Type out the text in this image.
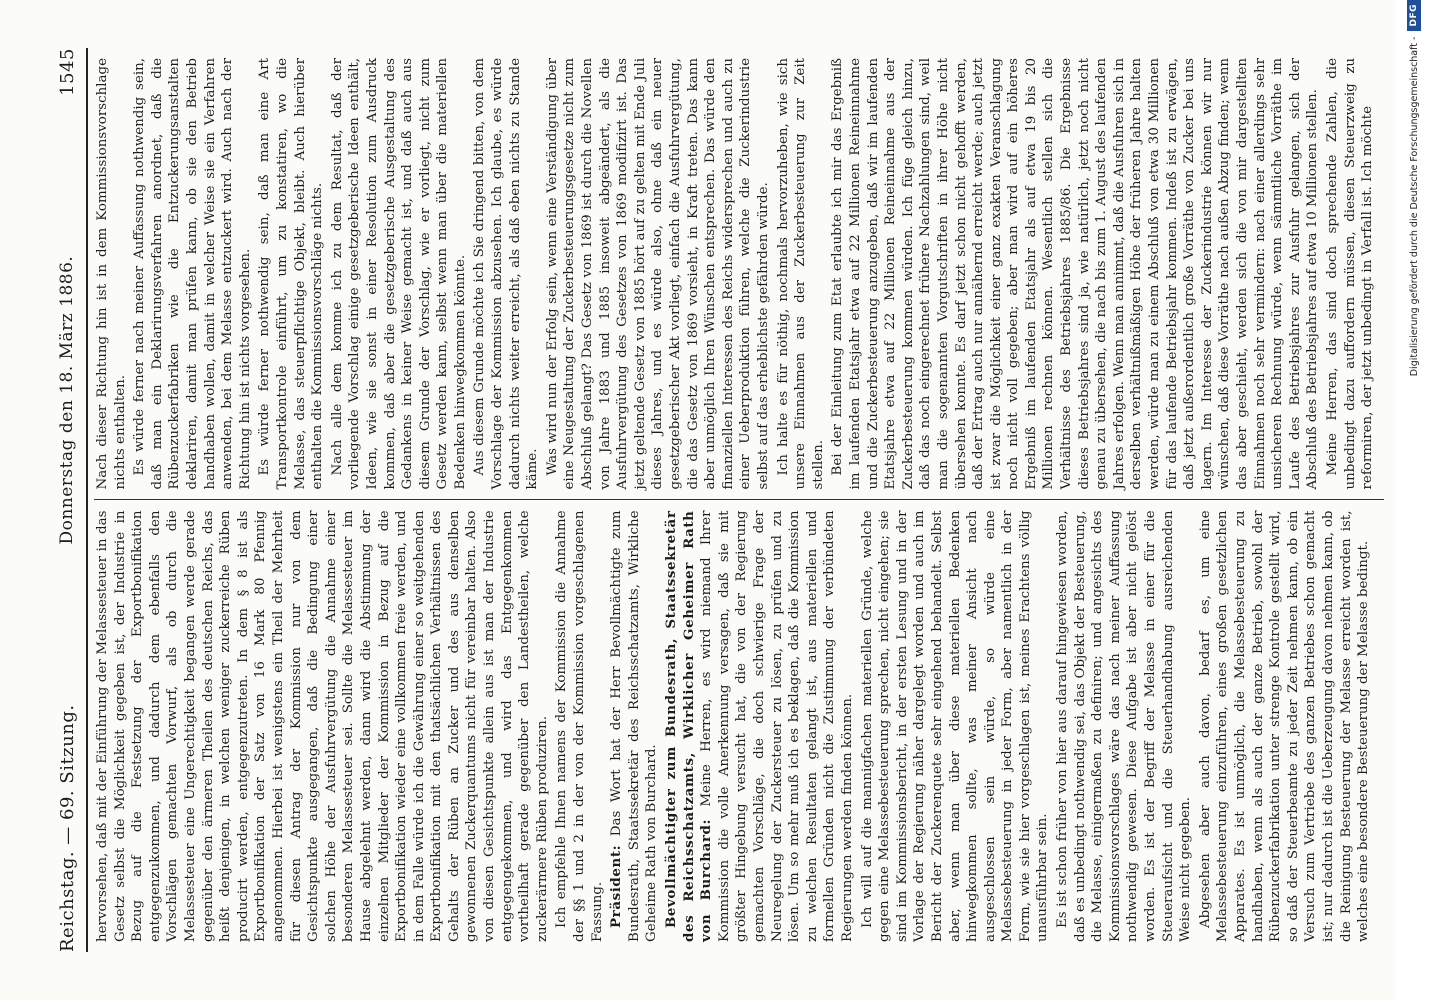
Reichstag. — 69. Sitzung.
Donnerstag den 18. März 1886.
1545

hervorsehen, daß mit der Einführung der Melassesteuer in das Gesetz selbst die Möglichkeit gegeben ist, der Industrie in Bezug auf die Festsetzung der Exportbonifikation entgegenzukommen, und dadurch dem ebenfalls den Vorschlägen gemachten Vorwurf, als ob durch die Melassesteuer eine Ungerechtigkeit begangen werde gerade gegenüber den ärmeren Theilen des deutschen Reichs, das heißt denjenigen, in welchen weniger zuckerreiche Rüben producirt werden, entgegenzutreten. In dem § 8 ist als Exportbonifikation der Satz von 16 Mark 80 Pfennig angenommen. Hierbei ist wenigstens ein Theil der Mehrheit für diesen Antrag der Kommission nur von dem Gesichtspunkte ausgegangen, daß die Bedingung einer solchen Höhe der Ausfuhrvergütung die Annahme einer besonderen Melassesteuer sei. Sollte die Melassesteuer im Hause abgelehnt werden, dann wird die Abstimmung der einzelnen Mitglieder der Kommission in Bezug auf die Exportbonifikation wieder eine vollkommen freie werden, und in dem Falle würde ich die Gewährung einer so weitgehenden Exportbonifikation mit den thatsächlichen Verhältnissen des Gehalts der Rüben an Zucker und des aus denselben gewonnenen Zuckerquantums nicht für vereinbar halten. Also von diesen Gesichtspunkte allein aus ist man der Industrie entgegengekommen, und wird das Entgegenkommen vortheilhaft gerade gegenüber den Landestheilen, welche zuckerärmere Rüben produziren. Ich empfehle Ihnen namens der Kommission die Annahme der §§ 1 und 2 in der von der Kommission vorgeschlagenen Fassung. Präsident: Das Wort hat der Herr Bevollmächtigte zum Bundesrath, Staatssekretär des Reichsschatzamts, Wirkliche Geheime Rath von Burchard. Bevollmächtigter zum Bundesrath, Staatssekretär des Reichsschatzamts, Wirklicher Geheimer Rath von Burchard: Meine Herren, es wird niemand Ihrer Kommission die volle Anerkennung versagen, daß sie mit größter Hingebung versucht hat, die von der Regierung gemachten Vorschläge, die doch schwierige Frage der Neuregelung der Zuckersteuer zu lösen, zu prüfen und zu lösen. Um so mehr muß ich es beklagen, daß die Kommission zu welchen Resultaten gelangt ist, aus materiellen und formellen Gründen nicht die Zustimmung der verbündeten Regierungen werden finden können. Ich will auf die mannigfachen materiellen Gründe, welche gegen eine Melassebesteuerung sprechen, nicht eingehen; sie sind im Kommissionsbericht, in der ersten Lesung und in der Vorlage der Regierung näher dargelegt worden und auch im Bericht der Zuckerenquete sehr eingehend behandelt. Selbst aber, wenn man über diese materiellen Bedenken hinwegkommen sollte, was meiner Ansicht nach ausgeschlossen sein würde, so würde eine Melassebesteuerung in jeder Form, aber namentlich in der Form, wie sie hier vorgeschlagen ist, meines Erachtens völlig unausführbar sein. Es ist schon früher von hier aus darauf hingewiesen worden, daß es unbedingt nothwendig sei, das Objekt der Besteuerung, die Melasse, einigermaßen zu definiren; und angesichts des Kommissionsvorschlages wäre das nach meiner Auffassung nothwendig gewesen. Diese Aufgabe ist aber nicht gelöst worden. Es ist der Begriff der Melasse in einer für die Steueraufsicht und die Steuerhandhabung ausreichenden Weise nicht gegeben. Abgesehen aber auch davon, bedarf es, um eine Melassebesteuerung einzuführen, eines großen gesetzlichen Apparates. Es ist unmöglich, die Melassebesteuerung zu handhaben, wenn als auch der ganze Betrieb, sowohl der Rübenzuckerfabrikation unter strenge Kontrole gestellt wird, so daß der Steuerbeamte zu jeder Zeit nehmen kann, ob ein Versuch zum Vertriebe des ganzen Betriebes schon gemacht ist; nur dadurch ist die Ueberzeugung davon nehmen kann, ob die Reinigung Besteuerung der Melasse erreicht worden ist, welches eine besondere Besteuerung der Melasse bedingt.

Nach dieser Richtung hin ist in dem Kommissionsvorschlage nichts enthalten. Es würde ferner nach meiner Auffassung nothwendig sein, daß man ein Deklarirungsverfahren anordnet, daß die Rübenzuckerfabriken wie die Entzuckerungsanstalten deklariren, damit man prüfen kann, ob sie den Betrieb handhaben wollen, damit in welcher Weise sie ein Verfahren anwenden, bei dem Melasse entzuckert wird. Auch nach der Richtung hin ist nichts vorgesehen. Es würde ferner nothwendig sein, daß man eine Art Transportkontrole einführt, um zu konstatiren, wo die Melasse, das steuerpflichtige Objekt, bleibt. Auch hierüber enthalten die Kommissionsvorschläge nichts. Nach alle dem komme ich zu dem Resultat, daß der vorliegende Vorschlag einige gesetzgeberische Ideen enthält, Ideen, wie sie sonst in einer Resolution zum Ausdruck kommen, daß aber die gesetzgeberische Ausgestaltung des Gedankens in keiner Weise gemacht ist, und daß auch aus diesem Grunde der Vorschlag, wie er vorliegt, nicht zum Gesetz werden kann, selbst wenn man über die materiellen Bedenken hinwegkommen könnte. Aus diesem Grunde möchte ich Sie dringend bitten, von dem Vorschlage der Kommission abzusehen. Ich glaube, es würde dadurch nichts weiter erreicht, als daß eben nichts zu Stande käme. Was wird nun der Erfolg sein, wenn eine Verständigung über eine Neugestaltung der Zuckerbesteuerungsgesetze nicht zum Abschluß gelangt? Das Gesetz von 1869 ist durch die Novellen von Jahre 1883 und 1885 insoweit abgeändert, als die Ausfuhrvergütung des Gesetzes von 1869 modifizirt ist. Das jetzt geltende Gesetz von 1885 hört auf zu gelten mit Ende Juli dieses Jahres, und es würde also, ohne daß ein neuer gesetzgeberischer Akt vorliegt, einfach die Ausfuhrvergütung, die das Gesetz von 1869 vorsieht, in Kraft treten. Das kann aber unmöglich Ihren Wünschen entsprechen. Das würde den finanziellen Interessen des Reichs widersprechen und auch zu einer Ueberproduktion führen, welche die Zuckerindustrie selbst auf das erheblichste gefährden würde. Ich halte es für nöthig, nochmals hervorzuheben, wie sich unsere Einnahmen aus der Zuckerbesteuerung zur Zeit stellen. Bei der Einleitung zum Etat erlaubte ich mir das Ergebniß im laufenden Etatsjahr etwa auf 22 Millionen Reineinnahme und die Zuckerbesteuerung anzugeben, daß wir im laufenden Etatsjahre etwa auf 22 Millionen Reineinnahme aus der Zuckerbesteuerung kommen würden. Ich füge gleich hinzu, daß das noch eingerechnet frühere Nachzahlungen sind, weil man die sogenannten Vorgutschriften in ihrer Höhe nicht übersehen konnte. Es darf jetzt schon nicht gehofft werden, daß der Ertrag auch nur annähernd erreicht werde; auch jetzt ist zwar die Möglichkeit einer ganz exakten Veranschlagung noch nicht voll gegeben; aber man wird auf ein höheres Ergebniß im laufenden Etatsjahr als auf etwa 19 bis 20 Millionen rechnen können. Wesentlich stellen sich die Verhältnisse des Betriebsjahres 1885/86. Die Ergebnisse dieses Betriebsjahres sind ja, wie natürlich, jetzt noch nicht genau zu übersehen, die nach bis zum 1. August des laufenden Jahres erfolgen. Wenn man annimmt, daß die Ausfuhren sich in derselben verhältnißmäßigen Höhe der früheren Jahre halten werden, würde man zu einem Abschluß von etwa 30 Millionen für das laufende Betriebsjahr kommen. Indeß ist zu erwägen, daß jetzt außerordentlich große Vorräthe von Zucker bei uns lagern. Im Interesse der Zuckerindustrie können wir nur wünschen, daß diese Vorräthe nach außen Abzug finden; wenn das aber geschieht, werden sich die von mir dargestellten Einnahmen noch sehr vermindern: nach einer allerdings sehr unsicheren Rechnung würde, wenn sämmtliche Vorräthe im Laufe des Betriebsjahres zur Ausfuhr gelangen, sich der Abschluß des Betriebsjahres auf etwa 10 Millionen stellen. Meine Herren, das sind doch sprechende Zahlen, die unbedingt dazu auffordern müssen, diesen Steuerzweig zu reformiren, der jetzt unbedingt in Verfall ist. Ich möchte	Digitalisierung gefördert durch die Deutsche Forschungsgemeinschaft -
DFG
